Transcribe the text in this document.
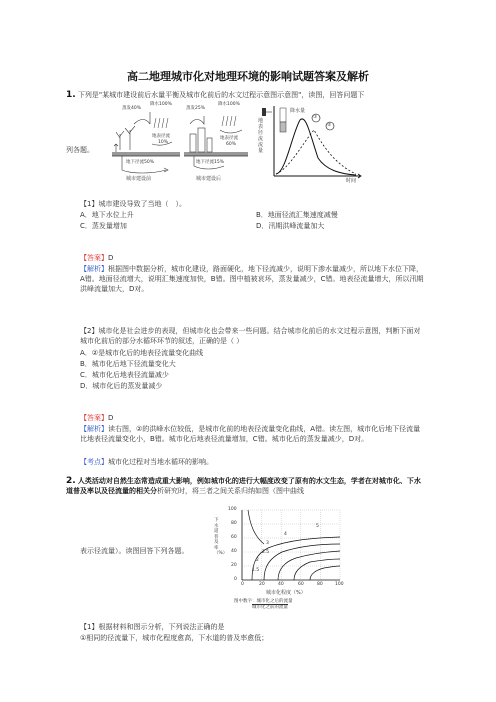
高二地理城市化对地理环境的影响试题答案及解析
1. 下列是"某城市建设前后水量平衡及城市化前后的水文过程示意图示意图"，读图，回答问题下
列各题。
蒸发40%
降水100%
地表径流
10%
地下径流50%
城市建设前
蒸发25%
降水100%
地表径流
60%
地下径流15%
城市建设后
地表径流流量
降水量
①
②
时间
【1】城市建设导致了当地（　）。
A．地下水位上升	B．地面径流汇集速度减慢
C．蒸发量增加	D．汛期洪峰流量加大
【答案】D
【解析】根据图中数据分析，城市化建设，路面硬化，地下径流减少，说明下渗水量减少，所以地下水位下降，A错。地面径流增大，说明汇集速度加快，B错。图中植被哀坏，蒸发量减少，C错。地表径流量增大，所以汛期洪峰流量加大，D对。
【2】城市化是社会进步的表现，但城市化也会带来一些问题。结合城市化前后的水文过程示意图，判断下面对城市化前后的部分水循环环节的叙述，正确的是（ ）
A．②是城市化后的地表径流量变化曲线
B．城市化后地下径流量变化大
C．城市化后地表径流量减少
D．城市化后的蒸发量减少
【答案】D
【解析】读右图，②的洪峰水位较低，是城市化前的地表径流量变化曲线，A错。读左图，城市化后地下径流量比地表径流量变化小，B错。城市化后地表径流量增加，C错。城市化后的蒸发量减少，D对。
【考点】城市化过程对当地水循环的影响。
2. 人类活动对自然生态常造成重大影响，例如城市化的进行大幅度改变了原有的水文生态，学者在对城市化、下水道普及率以及径流量的相关分析研究时，将三者之间关系归纳如图（图中曲线
表示径流量）。读图回答下列各题。
下水道普及率（%）
0
20
40
60
80
100
0	20	40	60	80	100
城市化程度（%）
1.5
2
2.5
3
4
5
图中数字：城市化之后的流量
城市化之前的流量
【1】根据材料和图示分析，下列说法正确的是
①相同的径流量下，城市化程度愈高，下水道的普及率愈低；
